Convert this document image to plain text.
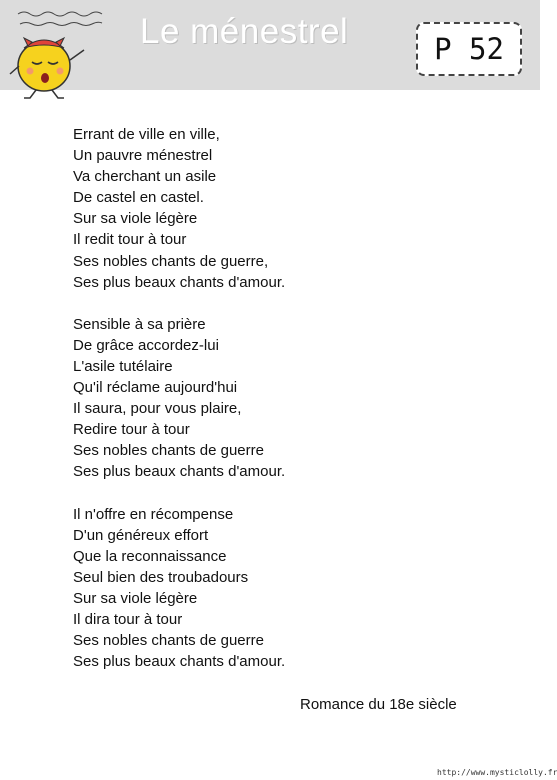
Le ménestrel	P 52
Errant de ville en ville,
Un pauvre ménestrel
Va cherchant un asile
De castel en castel.
Sur sa viole légère
Il redit tour à tour
Ses nobles chants de guerre,
Ses plus beaux chants d'amour.
Sensible à sa prière
De grâce accordez-lui
L'asile tutélaire
Qu'il réclame aujourd'hui
Il saura, pour vous plaire,
Redire tour à tour
Ses nobles chants de guerre
Ses plus beaux chants d'amour.
Il n'offre en récompense
D'un généreux effort
Que la reconnaissance
Seul bien des troubadours
Sur sa viole légère
Il dira tour à tour
Ses nobles chants de guerre
Ses plus beaux chants d'amour.
Romance du 18e siècle
http://www.mysticlolly.fr
